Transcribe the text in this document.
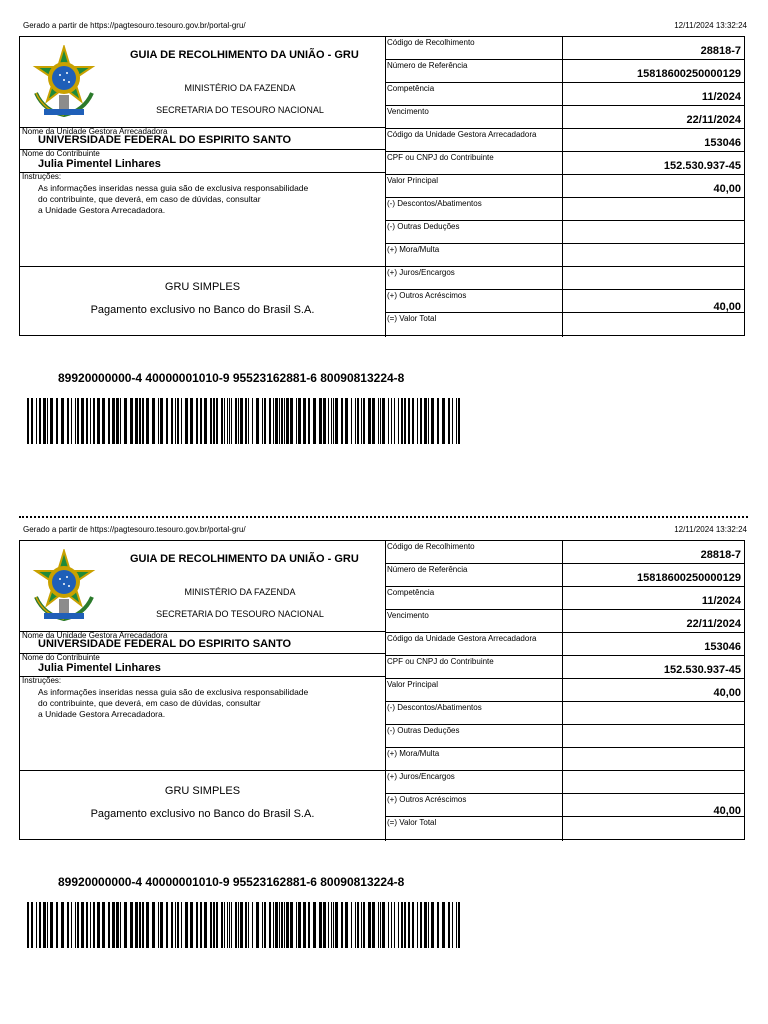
Gerado a partir de https://pagtesouro.tesouro.gov.br/portal-gru/	12/11/2024 13:32:24
GUIA DE RECOLHIMENTO DA UNIÃO - GRU
MINISTÉRIO DA FAZENDA
SECRETARIA DO TESOURO NACIONAL
Nome da Unidade Gestora Arrecadadora
UNIVERSIDADE FEDERAL DO ESPIRITO SANTO
Nome do Contribuinte
Julia Pimentel Linhares
Instruções:
As informações inseridas nessa guia são de exclusiva responsabilidade
do contribuinte, que deverá, em caso de dúvidas, consultar
a Unidade Gestora Arrecadadora.
GRU SIMPLES
Pagamento exclusivo no Banco do Brasil S.A.
Código de Recolhimento
28818-7
Número de Referência
15818600250000129
Competência
11/2024
Vencimento
22/11/2024
Código da Unidade Gestora Arrecadadora
153046
CPF ou CNPJ do Contribuinte
152.530.937-45
Valor Principal
40,00
(-) Descontos/Abatimentos
(-) Outras Deduções
(+) Mora/Multa
(+) Juros/Encargos
(+) Outros Acréscimos
(=) Valor Total
40,00
89920000000-4 40000001010-9 95523162881-6 80090813224-8
Gerado a partir de https://pagtesouro.tesouro.gov.br/portal-gru/	12/11/2024 13:32:24
GUIA DE RECOLHIMENTO DA UNIÃO - GRU
MINISTÉRIO DA FAZENDA
SECRETARIA DO TESOURO NACIONAL
Nome da Unidade Gestora Arrecadadora
UNIVERSIDADE FEDERAL DO ESPIRITO SANTO
Nome do Contribuinte
Julia Pimentel Linhares
Instruções:
As informações inseridas nessa guia são de exclusiva responsabilidade
do contribuinte, que deverá, em caso de dúvidas, consultar
a Unidade Gestora Arrecadadora.
GRU SIMPLES
Pagamento exclusivo no Banco do Brasil S.A.
Código de Recolhimento
28818-7
Número de Referência
15818600250000129
Competência
11/2024
Vencimento
22/11/2024
Código da Unidade Gestora Arrecadadora
153046
CPF ou CNPJ do Contribuinte
152.530.937-45
Valor Principal
40,00
(-) Descontos/Abatimentos
(-) Outras Deduções
(+) Mora/Multa
(+) Juros/Encargos
(+) Outros Acréscimos
(=) Valor Total
40,00
89920000000-4 40000001010-9 95523162881-6 80090813224-8
